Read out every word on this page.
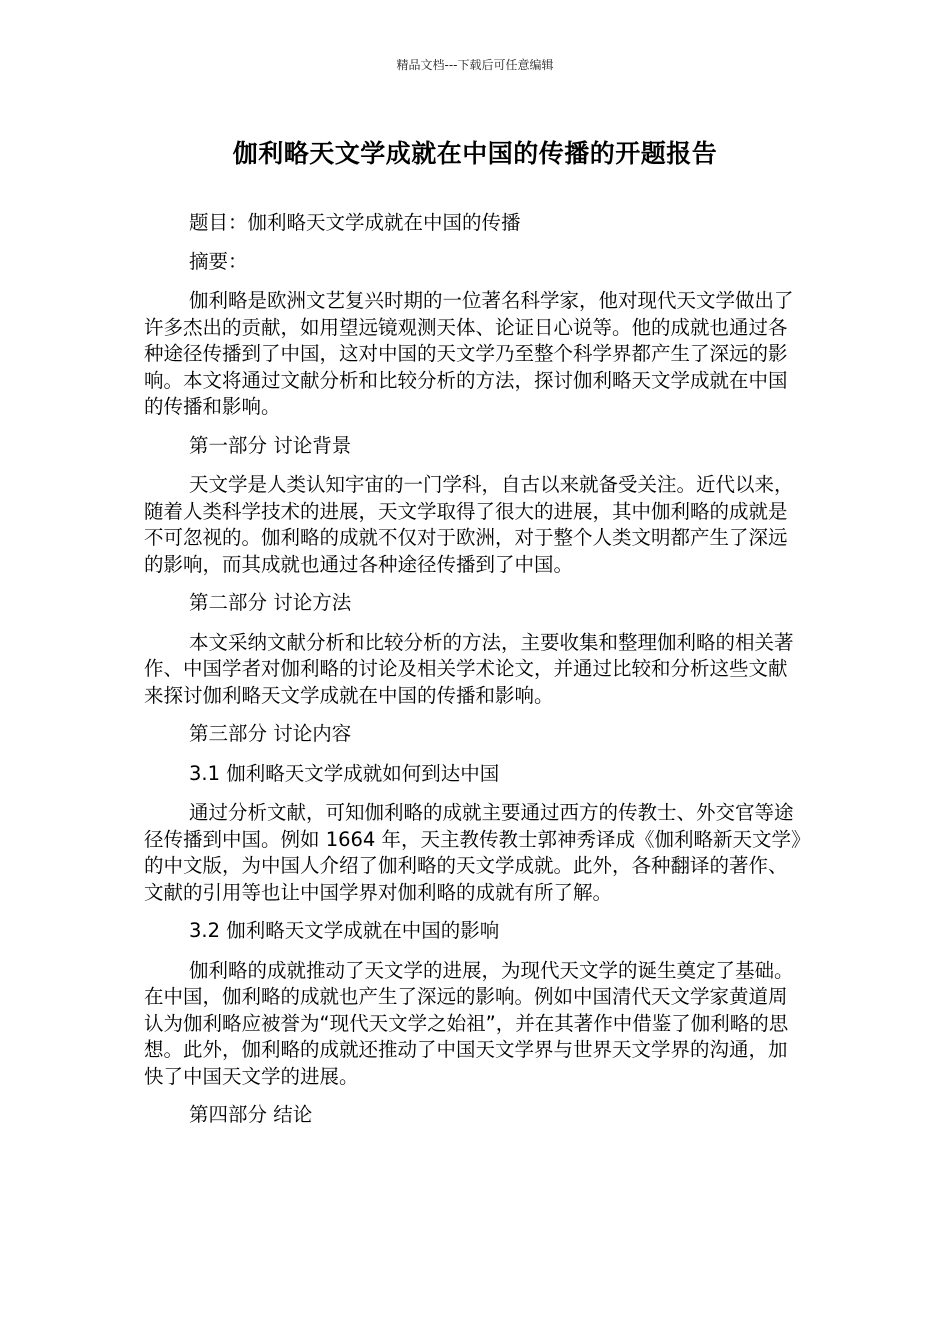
精品文档---下载后可任意编辑
伽利略天文学成就在中国的传播的开题报告

题目：伽利略天文学成就在中国的传播

摘要：

伽利略是欧洲文艺复兴时期的一位著名科学家，他对现代天文学做出了许多杰出的贡献，如用望远镜观测天体、论证日心说等。他的成就也通过各种途径传播到了中国，这对中国的天文学乃至整个科学界都产生了深远的影响。本文将通过文献分析和比较分析的方法，探讨伽利略天文学成就在中国的传播和影响。

第一部分 讨论背景

天文学是人类认知宇宙的一门学科，自古以来就备受关注。近代以来，随着人类科学技术的进展，天文学取得了很大的进展，其中伽利略的成就是不可忽视的。伽利略的成就不仅对于欧洲，对于整个人类文明都产生了深远的影响，而其成就也通过各种途径传播到了中国。

第二部分 讨论方法

本文采纳文献分析和比较分析的方法，主要收集和整理伽利略的相关著作、中国学者对伽利略的讨论及相关学术论文，并通过比较和分析这些文献来探讨伽利略天文学成就在中国的传播和影响。

第三部分 讨论内容

3.1 伽利略天文学成就如何到达中国

通过分析文献，可知伽利略的成就主要通过西方的传教士、外交官等途径传播到中国。例如 1664 年，天主教传教士郭神秀译成《伽利略新天文学》的中文版，为中国人介绍了伽利略的天文学成就。此外，各种翻译的著作、文献的引用等也让中国学界对伽利略的成就有所了解。

3.2 伽利略天文学成就在中国的影响

伽利略的成就推动了天文学的进展，为现代天文学的诞生奠定了基础。在中国，伽利略的成就也产生了深远的影响。例如中国清代天文学家黄道周认为伽利略应被誉为“现代天文学之始祖”，并在其著作中借鉴了伽利略的思想。此外，伽利略的成就还推动了中国天文学界与世界天文学界的沟通，加快了中国天文学的进展。

第四部分 结论
